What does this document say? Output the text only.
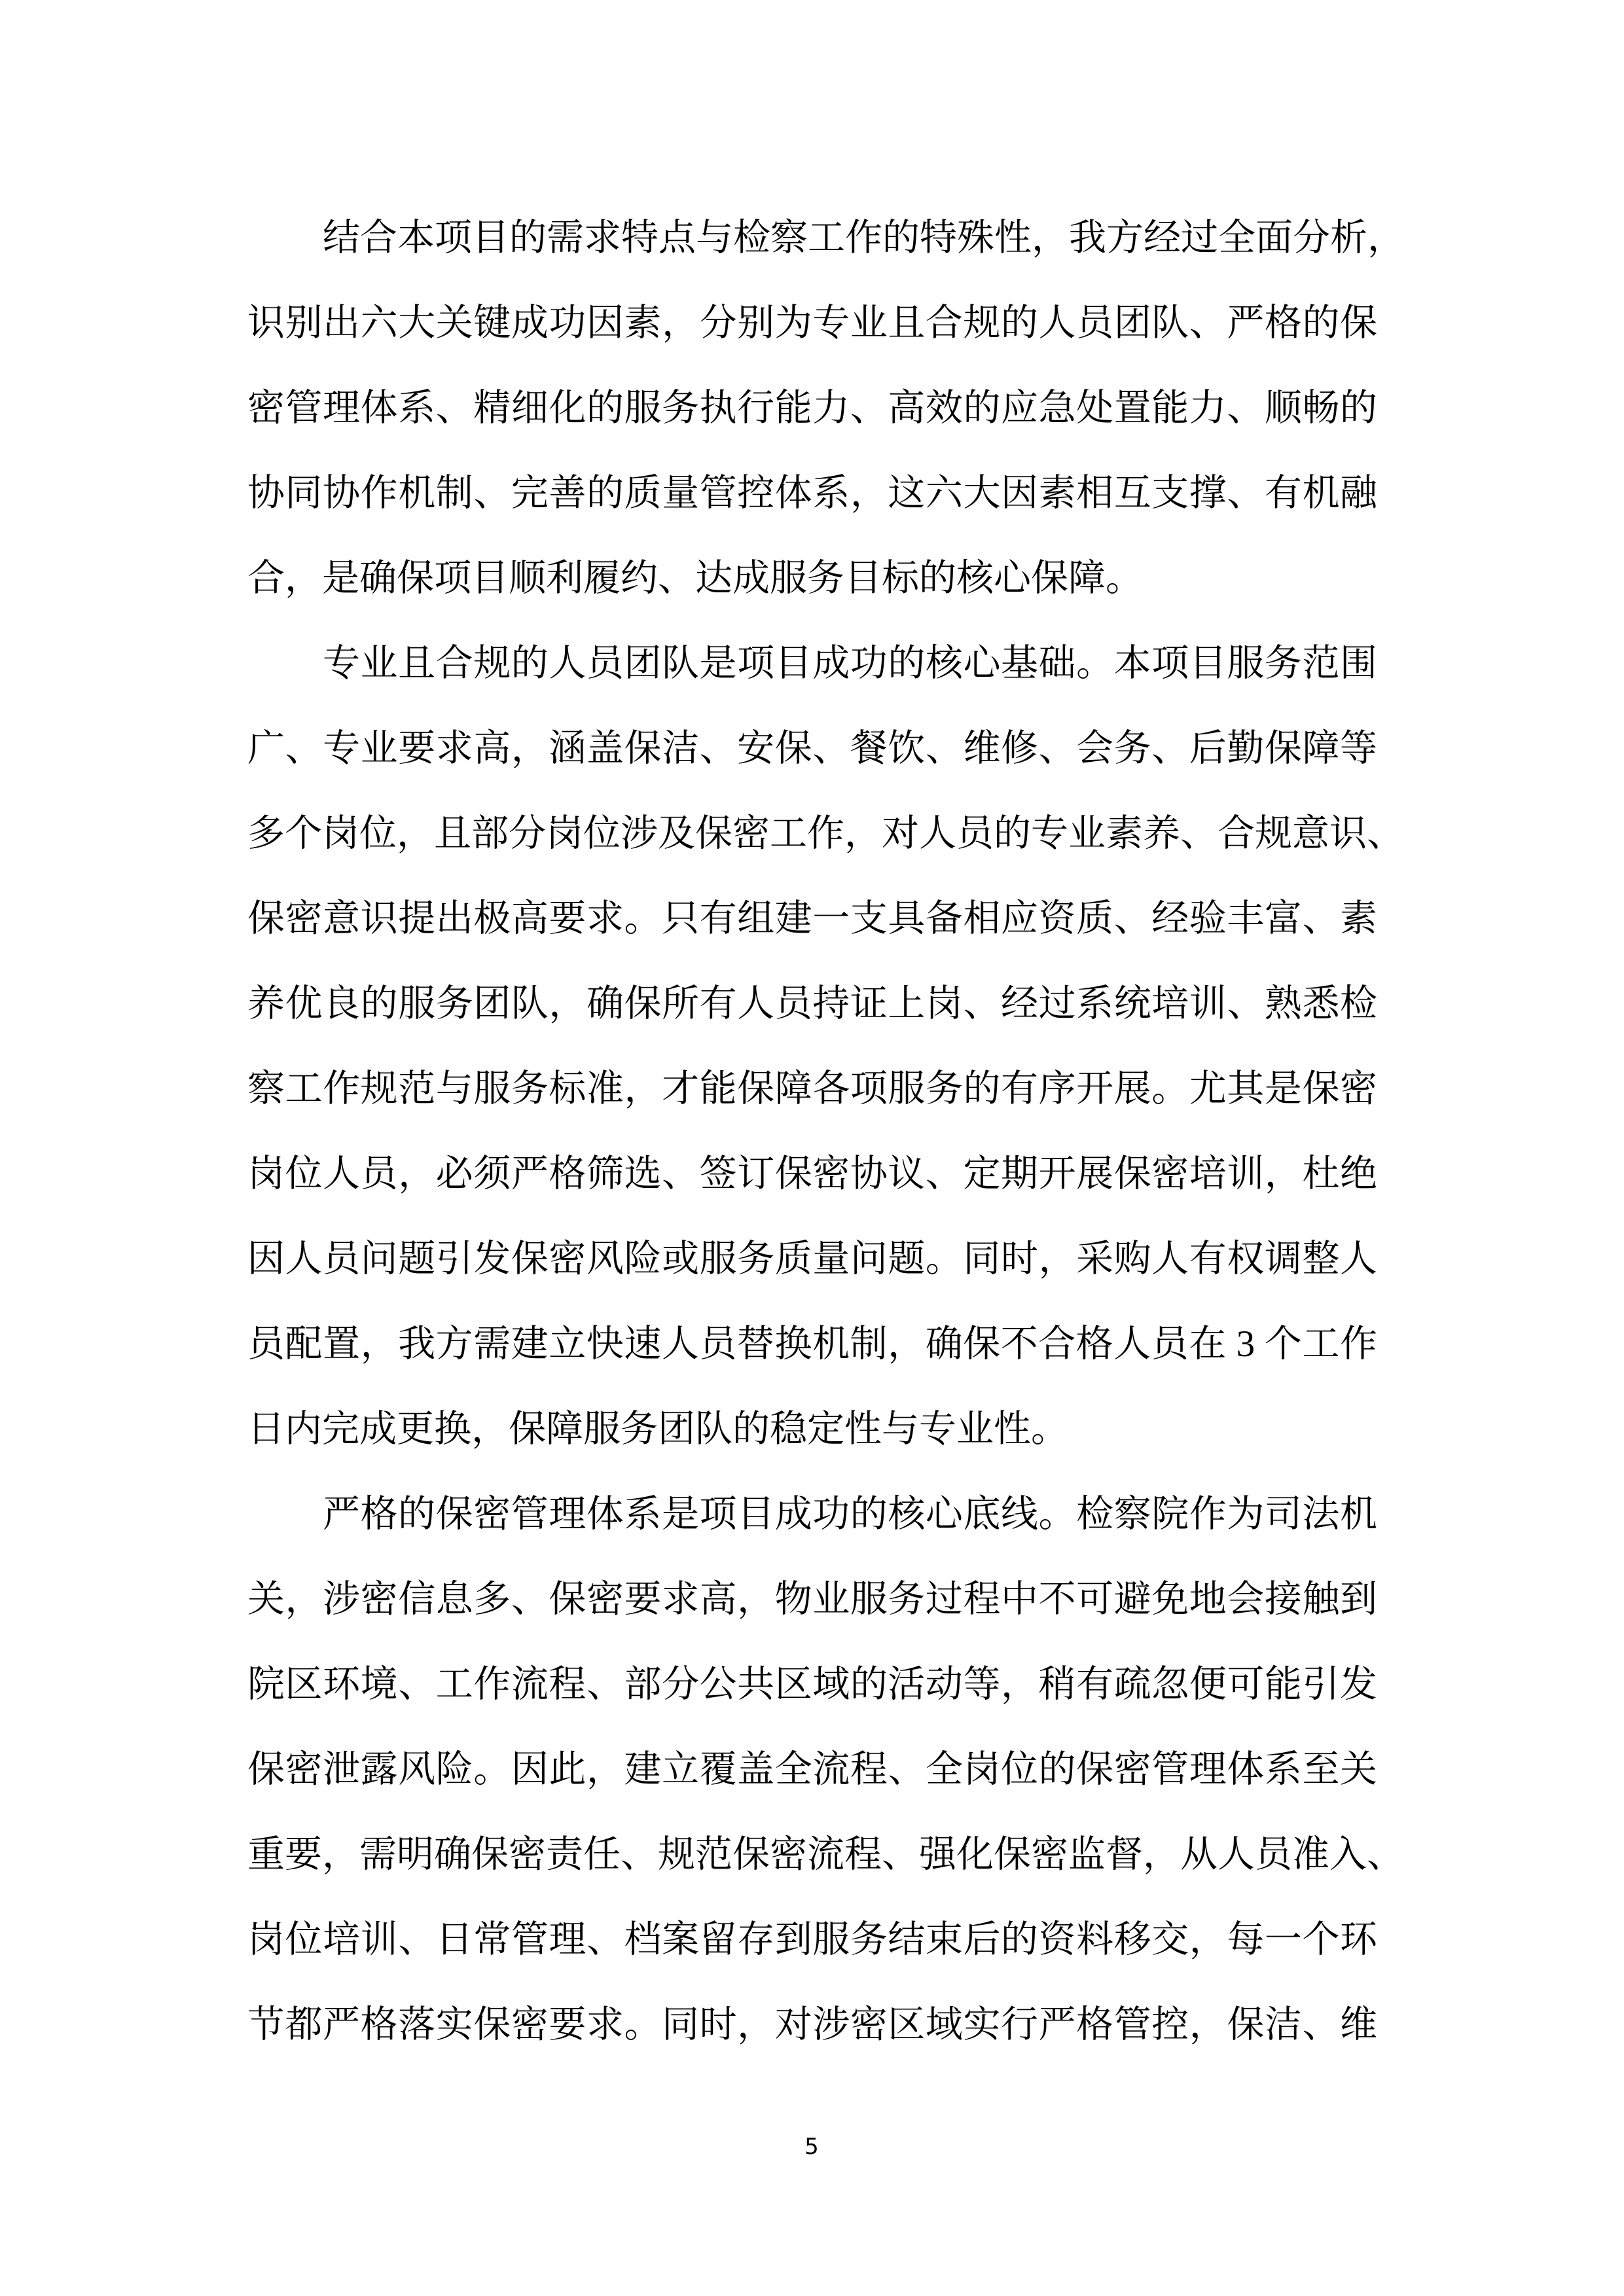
结合本项目的需求特点与检察工作的特殊性，我方经过全面分析，
识别出六大关键成功因素，分别为专业且合规的人员团队、严格的保
密管理体系、精细化的服务执行能力、高效的应急处置能力、顺畅的
协同协作机制、完善的质量管控体系，这六大因素相互支撑、有机融
合，是确保项目顺利履约、达成服务目标的核心保障。
专业且合规的人员团队是项目成功的核心基础。本项目服务范围
广、专业要求高，涵盖保洁、安保、餐饮、维修、会务、后勤保障等
多个岗位，且部分岗位涉及保密工作，对人员的专业素养、合规意识、
保密意识提出极高要求。只有组建一支具备相应资质、经验丰富、素
养优良的服务团队，确保所有人员持证上岗、经过系统培训、熟悉检
察工作规范与服务标准，才能保障各项服务的有序开展。尤其是保密
岗位人员，必须严格筛选、签订保密协议、定期开展保密培训，杜绝
因人员问题引发保密风险或服务质量问题。同时，采购人有权调整人
员配置，我方需建立快速人员替换机制，确保不合格人员在 3 个工作
日内完成更换，保障服务团队的稳定性与专业性。
严格的保密管理体系是项目成功的核心底线。检察院作为司法机
关，涉密信息多、保密要求高，物业服务过程中不可避免地会接触到
院区环境、工作流程、部分公共区域的活动等，稍有疏忽便可能引发
保密泄露风险。因此，建立覆盖全流程、全岗位的保密管理体系至关
重要，需明确保密责任、规范保密流程、强化保密监督，从人员准入、
岗位培训、日常管理、档案留存到服务结束后的资料移交，每一个环
节都严格落实保密要求。同时，对涉密区域实行严格管控，保洁、维
5
